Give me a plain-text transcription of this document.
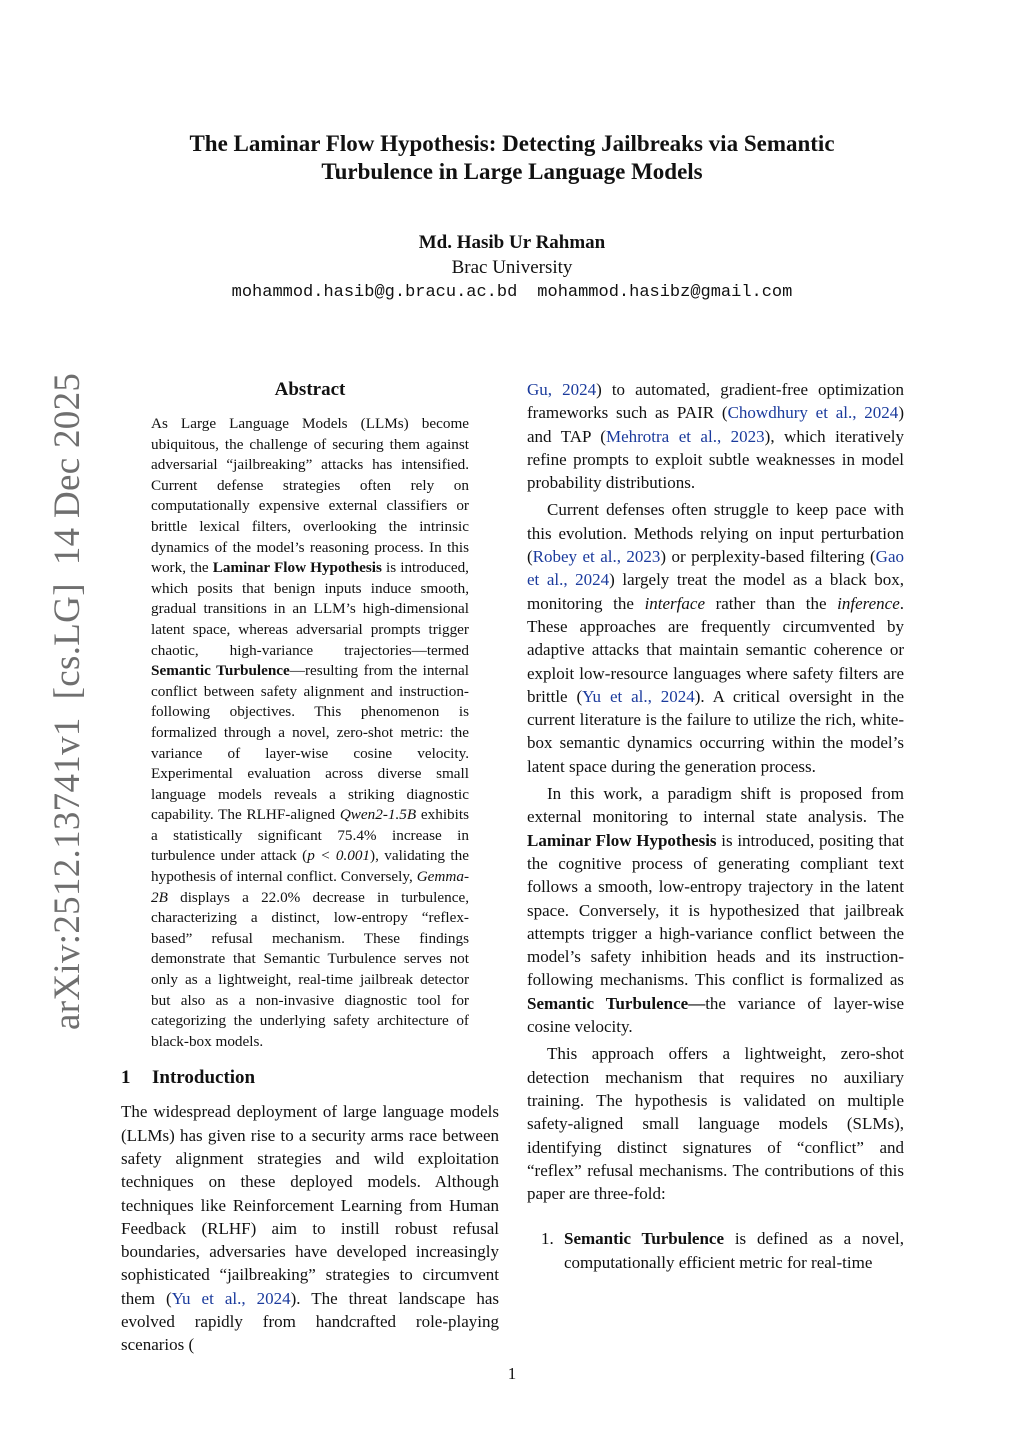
arXiv:2512.13741v1[cs.LG]14 Dec 2025
The Laminar Flow Hypothesis: Detecting Jailbreaks via Semantic
Turbulence in Large Language Models
Md. Hasib Ur Rahman
Brac University
mohammod.hasib@g.bracu.ac.bd mohammod.hasibz@gmail.com
Abstract
As Large Language Models (LLMs) become ubiquitous, the challenge of securing them against adversarial “jailbreaking” attacks has intensified. Current defense strategies often rely on computationally expensive external classifiers or brittle lexical filters, overlooking the intrinsic dynamics of the model’s reasoning process. In this work, the Laminar Flow Hypothesis is introduced, which posits that benign inputs induce smooth, gradual transitions in an LLM’s high-dimensional latent space, whereas adversarial prompts trigger chaotic, high-variance trajectories—termed Semantic Turbulence—resulting from the internal conflict between safety alignment and instruction-following objectives. This phenomenon is formalized through a novel, zero-shot metric: the variance of layer-wise cosine velocity. Experimental evaluation across diverse small language models reveals a striking diagnostic capability. The RLHF-aligned Qwen2-1.5B exhibits a statistically significant 75.4% increase in turbulence under attack (p < 0.001), validating the hypothesis of internal conflict. Conversely, Gemma-2B displays a 22.0% decrease in turbulence, characterizing a distinct, low-entropy “reflex-based” refusal mechanism. These findings demonstrate that Semantic Turbulence serves not only as a lightweight, real-time jailbreak detector but also as a non-invasive diagnostic tool for categorizing the underlying safety architecture of black-box models.
1 Introduction

The widespread deployment of large language models (LLMs) has given rise to a security arms race between safety alignment strategies and wild exploitation techniques on these deployed models. Although techniques like Reinforcement Learning from Human Feedback (RLHF) aim to instill robust refusal boundaries, adversaries have developed increasingly sophisticated “jailbreaking” strategies to circumvent them (Yu et al., 2024). The threat landscape has evolved rapidly from handcrafted role-playing scenarios (

Gu, 2024) to automated, gradient-free optimization frameworks such as PAIR (Chowdhury et al., 2024) and TAP (Mehrotra et al., 2023), which iteratively refine prompts to exploit subtle weaknesses in model probability distributions.

Current defenses often struggle to keep pace with this evolution. Methods relying on input perturbation (Robey et al., 2023) or perplexity-based filtering (Gao et al., 2024) largely treat the model as a black box, monitoring the interface rather than the inference. These approaches are frequently circumvented by adaptive attacks that maintain semantic coherence or exploit low-resource languages where safety filters are brittle (Yu et al., 2024). A critical oversight in the current literature is the failure to utilize the rich, white-box semantic dynamics occurring within the model’s latent space during the generation process.

In this work, a paradigm shift is proposed from external monitoring to internal state analysis. The Laminar Flow Hypothesis is introduced, positing that the cognitive process of generating compliant text follows a smooth, low-entropy trajectory in the latent space. Conversely, it is hypothesized that jailbreak attempts trigger a high-variance conflict between the model’s safety inhibition heads and its instruction-following mechanisms. This conflict is formalized as Semantic Turbulence—the variance of layer-wise cosine velocity.

This approach offers a lightweight, zero-shot detection mechanism that requires no auxiliary training. The hypothesis is validated on multiple safety-aligned small language models (SLMs), identifying distinct signatures of “conflict” and “reflex” refusal mechanisms. The contributions of this paper are three-fold:

1. Semantic Turbulence is defined as a novel, computationally efficient metric for real-time
1
